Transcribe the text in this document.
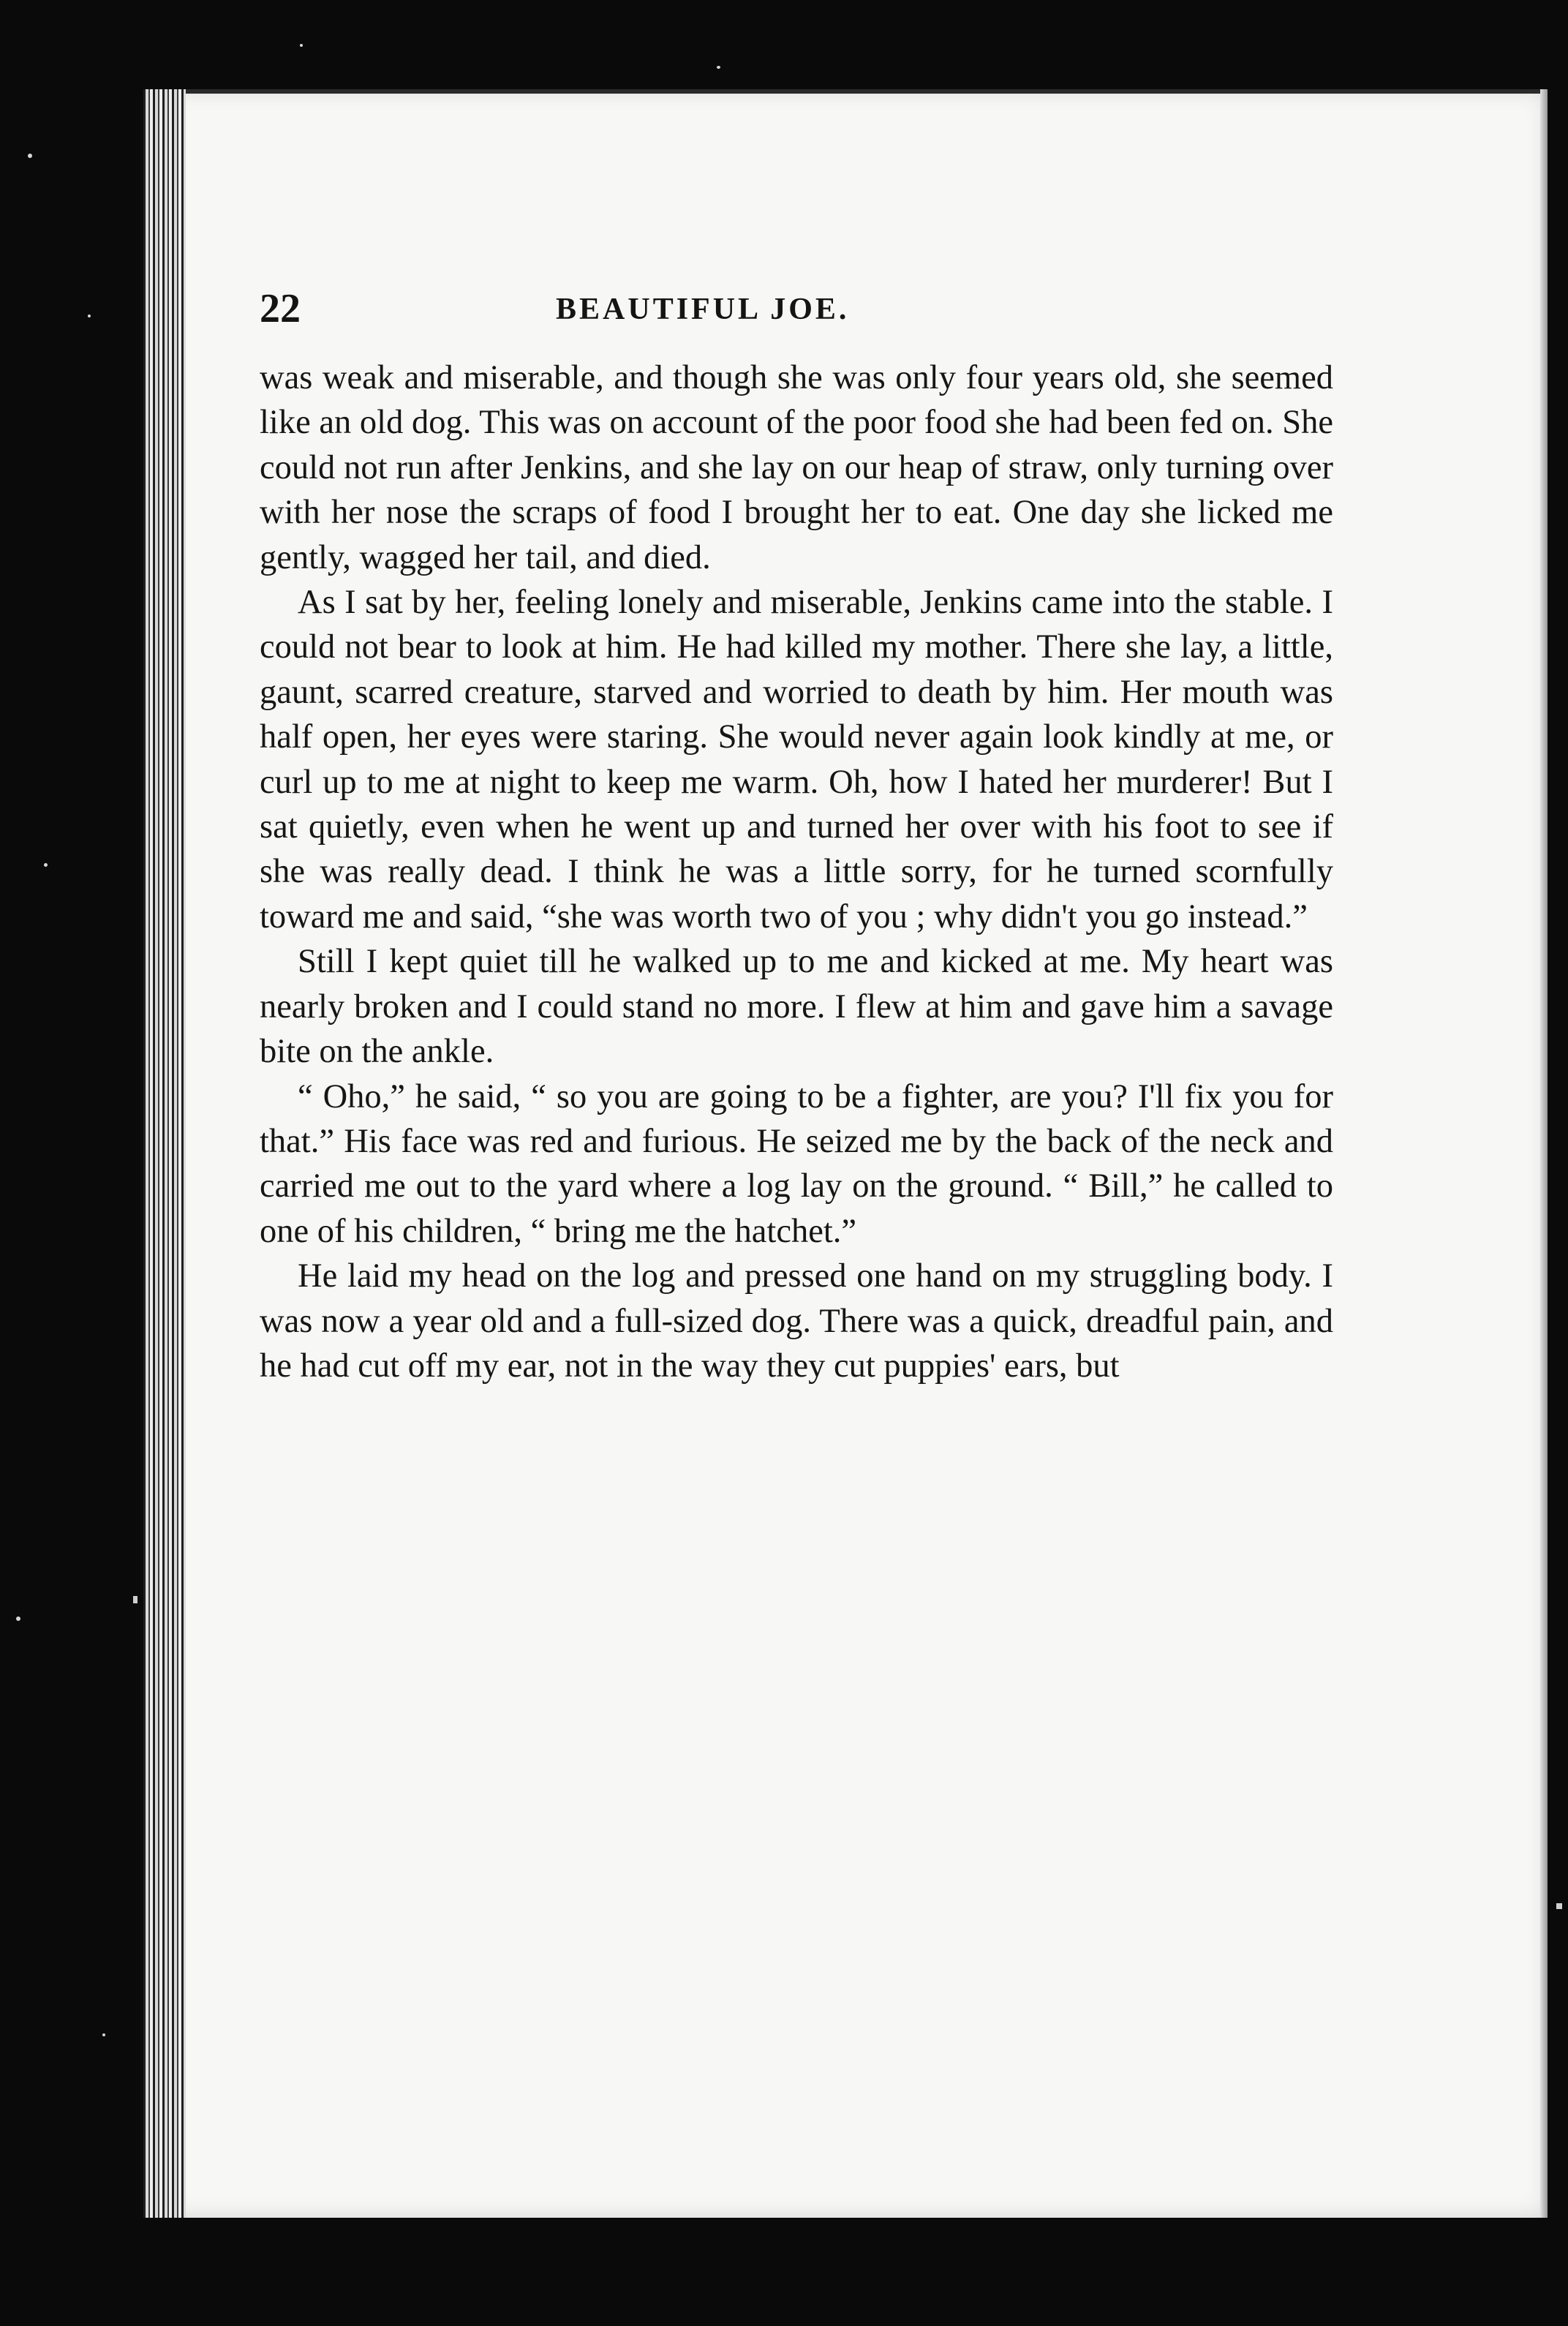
22	BEAUTIFUL JOE.

was weak and miserable, and though she was only four years old, she seemed like an old dog. This was on account of the poor food she had been fed on. She could not run after Jenkins, and she lay on our heap of straw, only turning over with her nose the scraps of food I brought her to eat. One day she licked me gently, wagged her tail, and died.

As I sat by her, feeling lonely and miserable, Jenkins came into the stable. I could not bear to look at him. He had killed my mother. There she lay, a little, gaunt, scarred creature, starved and worried to death by him. Her mouth was half open, her eyes were staring. She would never again look kindly at me, or curl up to me at night to keep me warm. Oh, how I hated her murderer! But I sat quietly, even when he went up and turned her over with his foot to see if she was really dead. I think he was a little sorry, for he turned scornfully toward me and said, “she was worth two of you ; why didn't you go instead.”

Still I kept quiet till he walked up to me and kicked at me. My heart was nearly broken and I could stand no more. I flew at him and gave him a savage bite on the ankle.

“ Oho,” he said, “ so you are going to be a fighter, are you? I'll fix you for that.” His face was red and furious. He seized me by the back of the neck and carried me out to the yard where a log lay on the ground. “ Bill,” he called to one of his children, “ bring me the hatchet.”

He laid my head on the log and pressed one hand on my struggling body. I was now a year old and a full-sized dog. There was a quick, dreadful pain, and he had cut off my ear, not in the way they cut puppies' ears, but
